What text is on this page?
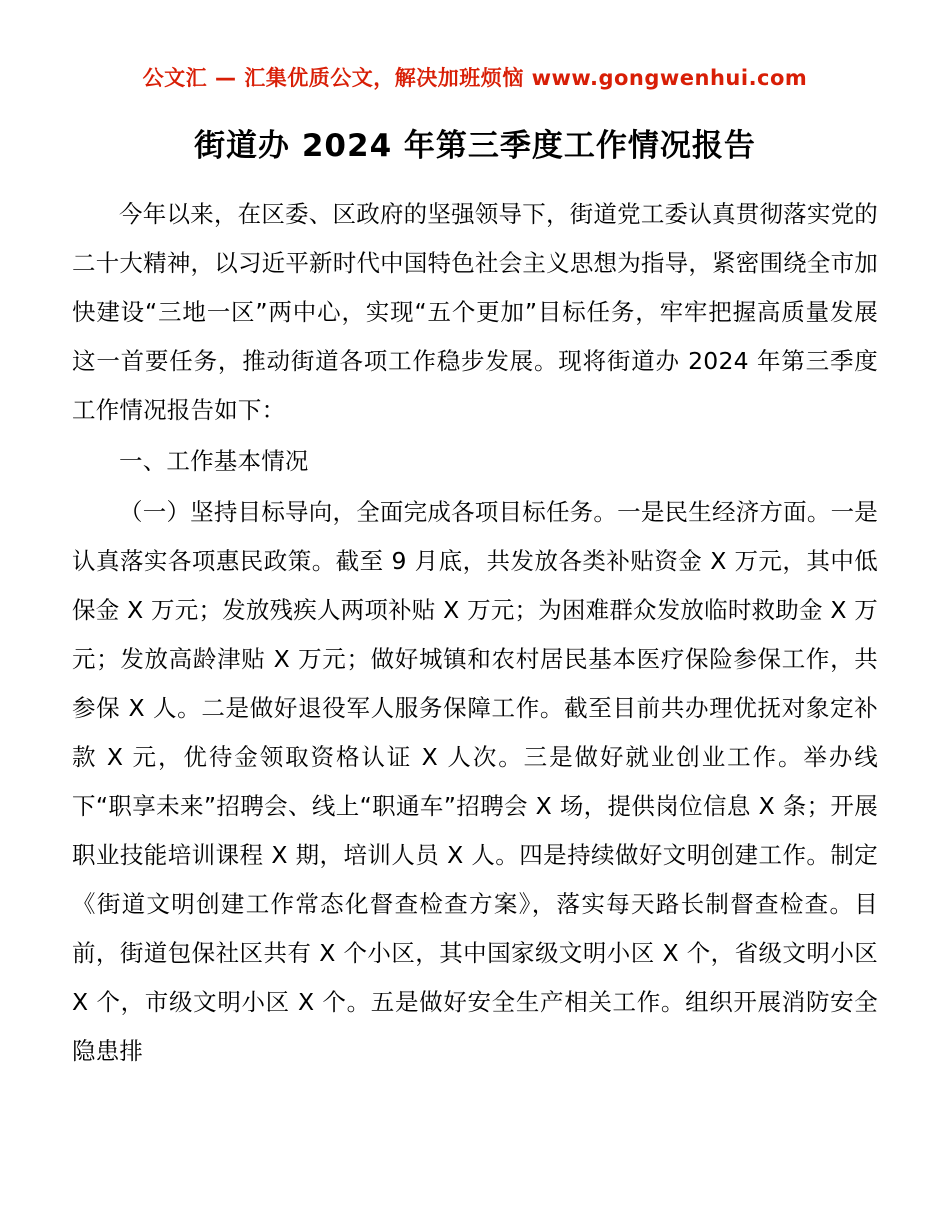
公文汇 — 汇集优质公文，解决加班烦恼 www.gongwenhui.com
街道办 2024 年第三季度工作情况报告

今年以来，在区委、区政府的坚强领导下，街道党工委认真贯彻落实党的二十大精神，以习近平新时代中国特色社会主义思想为指导，紧密围绕全市加快建设“三地一区”两中心，实现“五个更加”目标任务，牢牢把握高质量发展这一首要任务，推动街道各项工作稳步发展。现将街道办 2024 年第三季度工作情况报告如下：

一、工作基本情况

（一）坚持目标导向，全面完成各项目标任务。一是民生经济方面。一是认真落实各项惠民政策。截至 9 月底，共发放各类补贴资金 X 万元，其中低保金 X 万元；发放残疾人两项补贴 X 万元；为困难群众发放临时救助金 X 万元；发放高龄津贴 X 万元；做好城镇和农村居民基本医疗保险参保工作，共参保 X 人。二是做好退役军人服务保障工作。截至目前共办理优抚对象定补款 X 元，优待金领取资格认证 X 人次。三是做好就业创业工作。举办线下“职享未来”招聘会、线上“职通车”招聘会 X 场，提供岗位信息 X 条；开展职业技能培训课程 X 期，培训人员 X 人。四是持续做好文明创建工作。制定《街道文明创建工作常态化督查检查方案》，落实每天路长制督查检查。目前，街道包保社区共有 X 个小区，其中国家级文明小区 X 个，省级文明小区 X 个，市级文明小区 X 个。五是做好安全生产相关工作。组织开展消防安全隐患排
